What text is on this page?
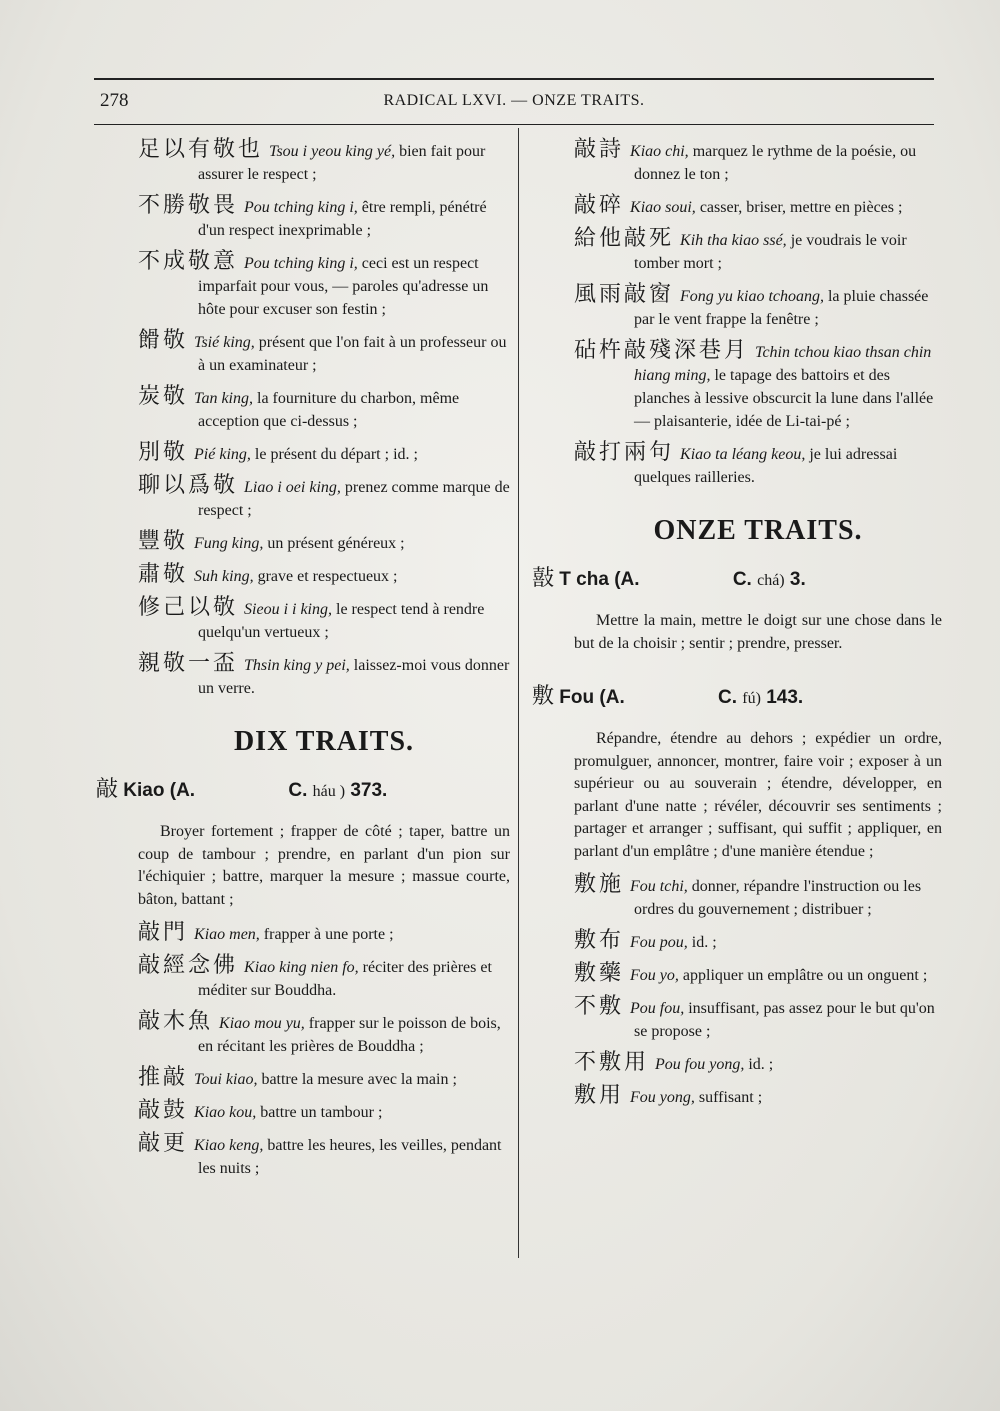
278	RADICAL LXVI. — ONZE TRAITS.
足以有敬也 Tsou i yeou king yé, bien fait pour assurer le respect ;
不勝敬畏 Pou tching king i, être rempli, pénétré d'un respect inexprimable ;
不成敬意 Pou tching king i, ceci est un respect imparfait pour vous, — paroles qu'adresse un hôte pour excuser son festin ;
餶敬 Tsié king, présent que l'on fait à un professeur ou à un examinateur ;
炭敬 Tan king, la fourniture du charbon, même acception que ci-dessus ;
別敬 Pié king, le présent du départ ; id. ;
聊以爲敬 Liao i oei king, prenez comme marque de respect ;
豐敬 Fung king, un présent généreux ;
肅敬 Suh king, grave et respectueux ;
修己以敬 Sieou i i king, le respect tend à rendre quelqu'un vertueux ;
親敬一盃 Thsin king y pei, laissez-moi vous donner un verre.
DIX TRAITS.
敲 Kiao (A.	C. háu ) 373.

Broyer fortement ; frapper de côté ; taper, battre un coup de tambour ; prendre, en parlant d'un pion sur l'échiquier ; battre, marquer la mesure ; massue courte, bâton, battant ;

敲門 Kiao men, frapper à une porte ;
敲經念佛 Kiao king nien fo, réciter des prières et méditer sur Bouddha.
敲木魚 Kiao mou yu, frapper sur le poisson de bois, en récitant les prières de Bouddha ;
推敲 Toui kiao, battre la mesure avec la main ;
敲鼓 Kiao kou, battre un tambour ;
敲更 Kiao keng, battre les heures, les veilles, pendant les nuits ;
敲詩 Kiao chi, marquez le rythme de la poésie, ou donnez le ton ;
敲碎 Kiao soui, casser, briser, mettre en pièces ;
給他敲死 Kih tha kiao ssé, je voudrais le voir tomber mort ;
風雨敲窗 Fong yu kiao tchoang, la pluie chassée par le vent frappe la fenêtre ;
砧杵敲殘深巷月 Tchin tchou kiao thsan chin hiang ming, le tapage des battoirs et des planches à lessive obscurcit la lune dans l'allée — plaisanterie, idée de Li-tai-pé ;
敲打兩句 Kiao ta léang keou, je lui adressai quelques railleries.
ONZE TRAITS.
敼 T cha (A.	C. chá) 3.

Mettre la main, mettre le doigt sur une chose dans le but de la choisir ; sentir ; prendre, presser.

敷 Fou (A.	C. fú) 143.

Répandre, étendre au dehors ; expédier un ordre, promulguer, annoncer, montrer, faire voir ; exposer à un supérieur ou au souverain ; étendre, développer, en parlant d'une natte ; révéler, découvrir ses sentiments ; partager et arranger ; suffisant, qui suffit ; appliquer, en parlant d'un emplâtre ; d'une manière étendue ;

敷施 Fou tchi, donner, répandre l'instruction ou les ordres du gouvernement ; distribuer ;
敷布 Fou pou, id. ;
敷藥 Fou yo, appliquer un emplâtre ou un onguent ;
不敷 Pou fou, insuffisant, pas assez pour le but qu'on se propose ;
不敷用 Pou fou yong, id. ;
敷用 Fou yong, suffisant ;
